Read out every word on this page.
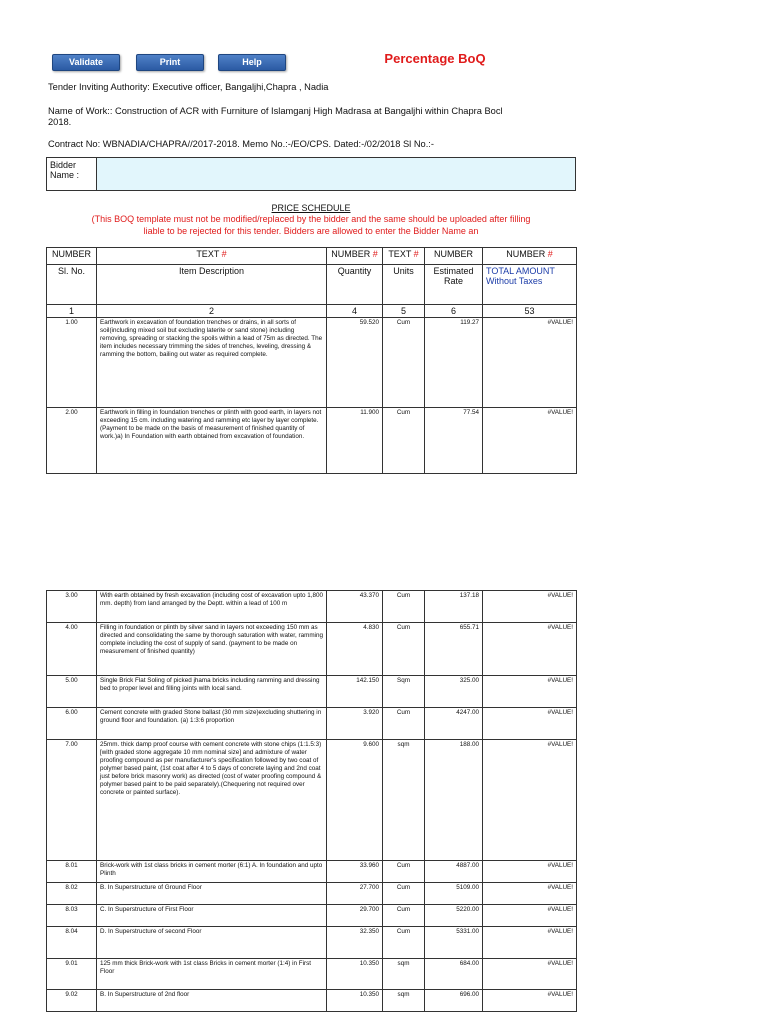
Validate	Print	Help	Percentage BoQ
Tender Inviting Authority: Executive officer, Bangaljhi,Chapra , Nadia
Name of Work:: Construction of ACR with Furniture of Islamganj High Madrasa at Bangaljhi within Chapra Bocl
2018.
Contract No: WBNADIA/CHAPRA//2017-2018. Memo No.:-/EO/CPS. Dated:-/02/2018 Sl No.:-
Bidder Name :
PRICE SCHEDULE
(This BOQ template must not be modified/replaced by the bidder and the same should be uploaded after filling
liable to be rejected for this tender. Bidders are allowed to enter the Bidder Name an
NUMBER	TEXT #	NUMBER #	TEXT #	NUMBER	NUMBER #
Sl. No.	Item Description	Quantity	Units	Estimated Rate	TOTAL AMOUNT Without Taxes
1	2	4	5	6	53
1.00	Earthwork in excavation of foundation trenches or drains, in all sorts of soil(including mixed soil but excluding laterite or sand stone) including removing, spreading or stacking the spoils within a lead of 75m as directed. The item includes necessary trimming the sides of trenches, leveling, dressing & ramming the bottom, bailing out water as required complete.	59.520	Cum	119.27	#VALUE!
2.00	Earthwork in filling in foundation trenches or plinth with good earth, in layers not exceeding 15 cm. including watering and ramming etc layer by layer complete. (Payment to be made on the basis of measurement of finished quantity of work.)a) In Foundation with earth obtained from excavation of foundation.	11.900	Cum	77.54	#VALUE!
3.00	With earth obtained by fresh excavation (including cost of excavation upto 1,800 mm. depth) from land arranged by the Deptt. within a lead of 100 m	43.370	Cum	137.18	#VALUE!
4.00	Filling in foundation or plinth by silver sand in layers not exceeding 150 mm as directed and consolidating the same by thorough saturation with water, ramming complete including the cost of supply of sand. (payment to be made on measurement of finished quantity)	4.830	Cum	655.71	#VALUE!
5.00	Single Brick Flat Soling of picked jhama bricks including ramming and dressing bed to proper level and filling joints with local sand.	142.150	Sqm	325.00	#VALUE!
6.00	Cement concrete with graded Stone ballast (30 mm size)excluding shuttering in ground floor and foundation. (a) 1:3:6 proportion	3.920	Cum	4247.00	#VALUE!
7.00	25mm. thick damp proof course with cement concrete with stone chips (1:1.5:3) [with graded stone aggregate 10 mm nominal size] and admixture of water proofing compound as per manufacturer's specification followed by two coat of polymer based paint, (1st coat after 4 to 5 days of concrete laying and 2nd coat just before brick masonry work) as directed (cost of water proofing compound & polymer based paint to be paid separately).(Chequering not required over concrete or painted surface).	9.600	sqm	188.00	#VALUE!
8.01	Brick-work with 1st class bricks in cement morter (6:1) A. In foundation and upto Plinth	33.960	Cum	4887.00	#VALUE!
8.02	B. In Superstructure of Ground Floor	27.700	Cum	5109.00	#VALUE!
8.03	C. In Superstructure of First Floor	29.700	Cum	5220.00	#VALUE!
8.04	D. In Superstructure of second Floor	32.350	Cum	5331.00	#VALUE!
9.01	125 mm thick Brick-work with 1st class Bricks in cement morter (1:4) in First Floor	10.350	sqm	684.00	#VALUE!
9.02	B. In Superstructure of 2nd floor	10.350	sqm	696.00	#VALUE!
